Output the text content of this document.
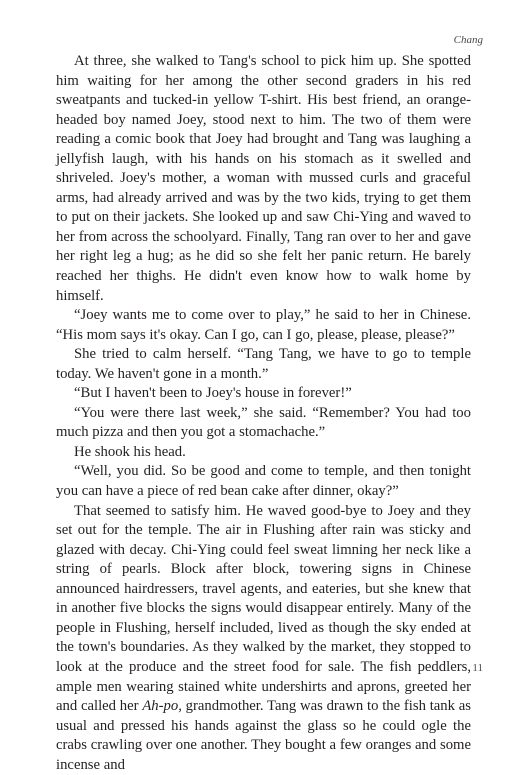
Chang

At three, she walked to Tang's school to pick him up. She spotted him waiting for her among the other second graders in his red sweatpants and tucked-in yellow T-shirt. His best friend, an orange-headed boy named Joey, stood next to him. The two of them were reading a comic book that Joey had brought and Tang was laughing a jellyfish laugh, with his hands on his stomach as it swelled and shriveled. Joey's mother, a woman with mussed curls and graceful arms, had already arrived and was by the two kids, trying to get them to put on their jackets. She looked up and saw Chi-Ying and waved to her from across the schoolyard. Finally, Tang ran over to her and gave her right leg a hug; as he did so she felt her panic return. He barely reached her thighs. He didn't even know how to walk home by himself.

“Joey wants me to come over to play,” he said to her in Chinese. “His mom says it's okay. Can I go, can I go, please, please, please?”

She tried to calm herself. “Tang Tang, we have to go to temple today. We haven't gone in a month.”

“But I haven't been to Joey's house in forever!”

“You were there last week,” she said. “Remember? You had too much pizza and then you got a stomachache.”

He shook his head.

“Well, you did. So be good and come to temple, and then tonight you can have a piece of red bean cake after dinner, okay?”

That seemed to satisfy him. He waved good-bye to Joey and they set out for the temple. The air in Flushing after rain was sticky and glazed with decay. Chi-Ying could feel sweat limning her neck like a string of pearls. Block after block, towering signs in Chinese announced hairdressers, travel agents, and eateries, but she knew that in another five blocks the signs would disappear entirely. Many of the people in Flushing, herself included, lived as though the sky ended at the town's boundaries. As they walked by the market, they stopped to look at the produce and the street food for sale. The fish peddlers, ample men wearing stained white undershirts and aprons, greeted her and called her Ah-po, grandmother. Tang was drawn to the fish tank as usual and pressed his hands against the glass so he could ogle the crabs crawling over one another. They bought a few oranges and some incense and

11
